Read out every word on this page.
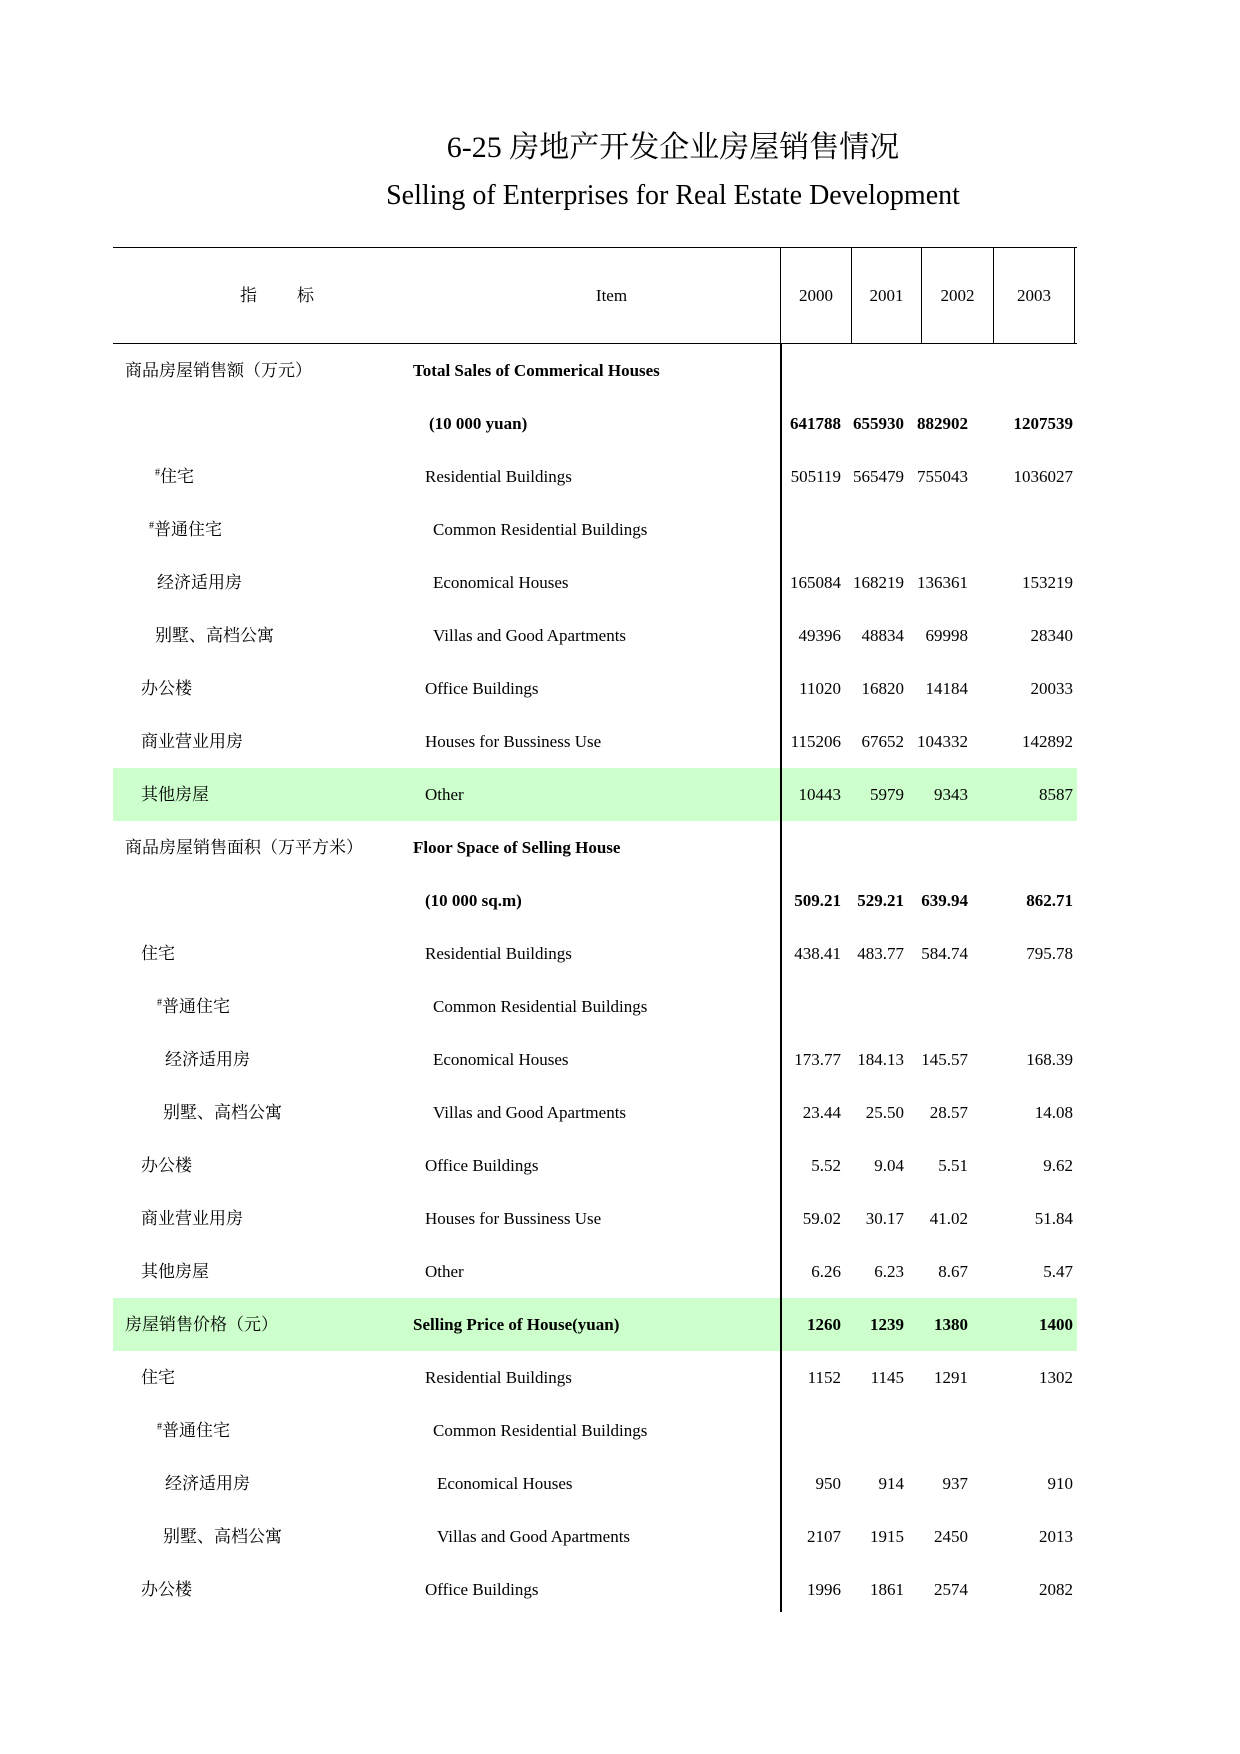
6-25 房地产开发企业房屋销售情况
Selling of Enterprises for Real Estate Development
指　　标	Item	2000	2001	2002	2003
商品房屋销售额（万元）	Total Sales of Commerical Houses
(10 000 yuan)	641788 655930 882902	1207539
#住宅	Residential Buildings	505119 565479 755043	1036027
#普通住宅	Common Residential Buildings
经济适用房	Economical Houses	165084 168219 136361	153219
别墅、高档公寓	Villas and Good Apartments	49396 48834 69998	28340
办公楼	Office Buildings	11020 16820 14184	20033
商业营业用房	Houses for Bussiness Use	115206 67652 104332	142892
其他房屋	Other	10443 5979 9343	8587
商品房屋销售面积（万平方米）	Floor Space of Selling House
(10 000 sq.m)	509.21 529.21 639.94	862.71
住宅	Residential Buildings	438.41 483.77 584.74	795.78
#普通住宅	Common Residential Buildings
经济适用房	Economical Houses	173.77 184.13 145.57	168.39
别墅、高档公寓	Villas and Good Apartments	23.44 25.50 28.57	14.08
办公楼	Office Buildings	5.52 9.04 5.51	9.62
商业营业用房	Houses for Bussiness Use	59.02 30.17 41.02	51.84
其他房屋	Other	6.26 6.23 8.67	5.47
房屋销售价格（元）	Selling Price of House(yuan)	1260 1239 1380	1400
住宅	Residential Buildings	1152 1145 1291	1302
#普通住宅	Common Residential Buildings
经济适用房	Economical Houses	950 914 937	910
别墅、高档公寓	Villas and Good Apartments	2107 1915 2450	2013
办公楼	Office Buildings	1996 1861 2574	2082
